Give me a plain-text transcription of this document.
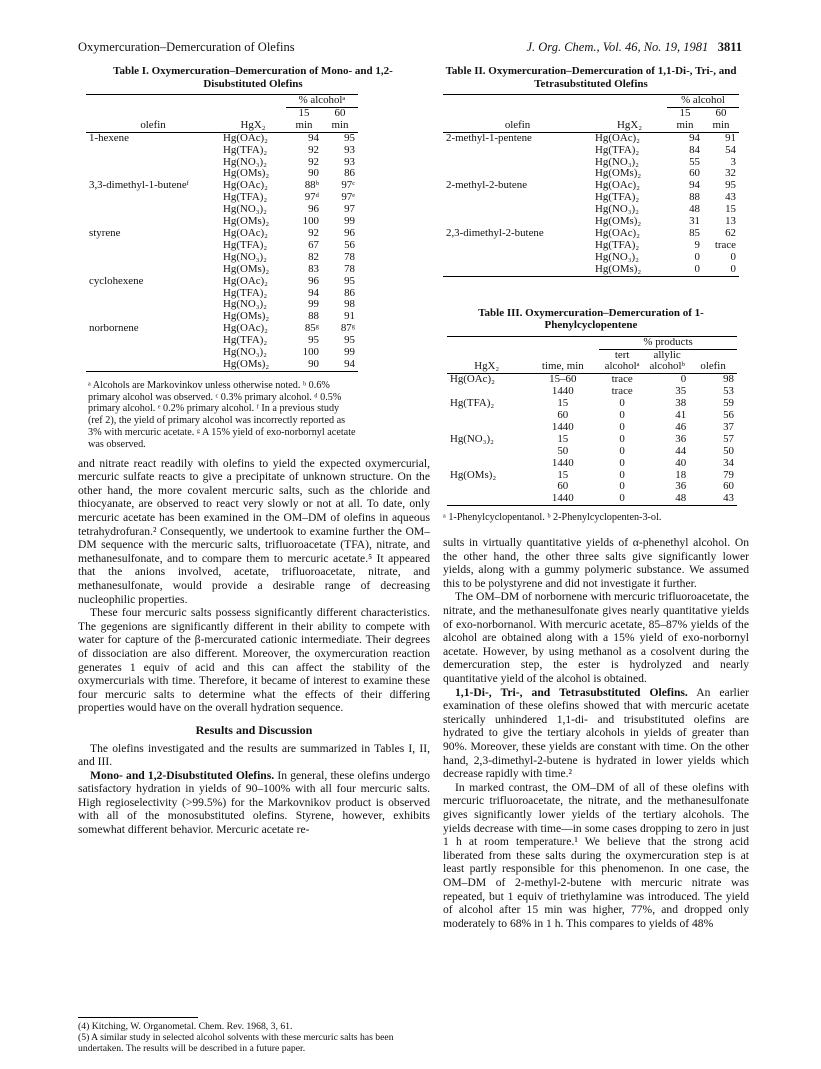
Oxymercuration–Demercuration of Olefins	J. Org. Chem., Vol. 46, No. 19, 1981 3811
Table I. Oxymercuration–Demercuration of Mono- and 1,2-Disubstituted Olefins
		% alcoholᵃ	
olefin	HgX₂	15 min	60 min
1-hexene	Hg(OAc)₂	94	95
	Hg(TFA)₂	92	93
	Hg(NO₃)₂	92	93
	Hg(OMs)₂	90	86
3,3-dimethyl-1-buteneᶠ	Hg(OAc)₂	88ᵇ	97ᶜ
	Hg(TFA)₂	97ᵈ	97ᵉ
	Hg(NO₃)₂	96	97
	Hg(OMs)₂	100	99
styrene	Hg(OAc)₂	92	96
	Hg(TFA)₂	67	56
	Hg(NO₃)₂	82	78
	Hg(OMs)₂	83	78
cyclohexene	Hg(OAc)₂	96	95
	Hg(TFA)₂	94	86
	Hg(NO₃)₂	99	98
	Hg(OMs)₂	88	91
norbornene	Hg(OAc)₂	85ᵍ	87ᵍ
	Hg(TFA)₂	95	95
	Hg(NO₃)₂	100	99
	Hg(OMs)₂	90	94
ᵃ Alcohols are Markovinkov unless otherwise noted. ᵇ 0.6% primary alcohol was observed. ᶜ 0.3% primary alcohol. ᵈ 0.5% primary alcohol. ᵉ 0.2% primary alcohol. ᶠ In a previous study (ref 2), the yield of primary alcohol was incorrectly reported as 3% with mercuric acetate. ᵍ A 15% yield of exo-norbornyl acetate was observed.

and nitrate react readily with olefins to yield the expected oxymercurial, mercuric sulfate reacts to give a precipitate of unknown structure. On the other hand, the more covalent mercuric salts, such as the chloride and thiocyanate, are observed to react very slowly or not at all. To date, only mercuric acetate has been examined in the OM–DM of olefins in aqueous tetrahydrofuran.² Consequently, we undertook to examine further the OM–DM sequence with the mercuric salts, trifluoroacetate (TFA), nitrate, and methanesulfonate, and to compare them to mercuric acetate.⁵ It appeared that the anions involved, acetate, trifluoroacetate, nitrate, and methanesulfonate, would provide a desirable range of decreasing nucleophilic properties.

These four mercuric salts possess significantly different characteristics. The gegenions are significantly different in their ability to compete with water for capture of the β-mercurated cationic intermediate. Their degrees of dissociation are also different. Moreover, the oxymercuration reaction generates 1 equiv of acid and this can affect the stability of the oxymercurials with time. Therefore, it became of interest to examine these four mercuric salts to determine what the effects of their differing properties would have on the overall hydration sequence.

Results and Discussion

The olefins investigated and the results are summarized in Tables I, II, and III.

Mono- and 1,2-Disubstituted Olefins. In general, these olefins undergo satisfactory hydration in yields of 90–100% with all four mercuric salts. High regioselectivity (>99.5%) for the Markovnikov product is observed with all of the monosubstituted olefins. Styrene, however, exhibits somewhat different behavior. Mercuric acetate re-

(4) Kitching, W. Organometal. Chem. Rev. 1968, 3, 61.
(5) A similar study in selected alcohol solvents with these mercuric salts has been undertaken. The results will be described in a future paper.
Table II. Oxymercuration–Demercuration of 1,1-Di-, Tri-, and Tetrasubstituted Olefins
		% alcohol	
olefin	HgX₂	15 min	60 min
2-methyl-1-pentene	Hg(OAc)₂	94	91
	Hg(TFA)₂	84	54
	Hg(NO₃)₂	55	3
	Hg(OMs)₂	60	32
2-methyl-2-butene	Hg(OAc)₂	94	95
	Hg(TFA)₂	88	43
	Hg(NO₃)₂	48	15
	Hg(OMs)₂	31	13
2,3-dimethyl-2-butene	Hg(OAc)₂	85	62
	Hg(TFA)₂	9	trace
	Hg(NO₃)₂	0	0
	Hg(OMs)₂	0	0
Table III. Oxymercuration–Demercuration of 1-Phenylcyclopentene
		% products		
HgX₂	time, min	tert alcoholᵃ	allylic alcoholᵇ	olefin
Hg(OAc)₂	15–60	trace	0	98
	1440	trace	35	53
Hg(TFA)₂	15	0	38	59
	60	0	41	56
	1440	0	46	37
Hg(NO₃)₂	15	0	36	57
	50	0	44	50
	1440	0	40	34
Hg(OMs)₂	15	0	18	79
	60	0	36	60
	1440	0	48	43
ᵃ 1-Phenylcyclopentanol. ᵇ 2-Phenylcyclopenten-3-ol.

sults in virtually quantitative yields of α-phenethyl alcohol. On the other hand, the other three salts give significantly lower yields, along with a gummy polymeric substance. We assumed this to be polystyrene and did not investigate it further.

The OM–DM of norbornene with mercuric trifluoroacetate, the nitrate, and the methanesulfonate gives nearly quantitative yields of exo-norbornanol. With mercuric acetate, 85–87% yields of the alcohol are obtained along with a 15% yield of exo-norbornyl acetate. However, by using methanol as a cosolvent during the demercuration step, the ester is hydrolyzed and nearly quantitative yield of the alcohol is obtained.

1,1-Di-, Tri-, and Tetrasubstituted Olefins. An earlier examination of these olefins showed that with mercuric acetate sterically unhindered 1,1-di- and trisubstituted olefins are hydrated to give the tertiary alcohols in yields of greater than 90%. Moreover, these yields are constant with time. On the other hand, 2,3-dimethyl-2-butene is hydrated in lower yields which decrease rapidly with time.²

In marked contrast, the OM–DM of all of these olefins with mercuric trifluoroacetate, the nitrate, and the methanesulfonate gives significantly lower yields of the tertiary alcohols. The yields decrease with time—in some cases dropping to zero in just 1 h at room temperature.¹ We believe that the strong acid liberated from these salts during the oxymercuration step is at least partly responsible for this phenomenon. In one case, the OM–DM of 2-methyl-2-butene with mercuric nitrate was repeated, but 1 equiv of triethylamine was introduced. The yield of alcohol after 15 min was higher, 77%, and dropped only moderately to 68% in 1 h. This compares to yields of 48%
